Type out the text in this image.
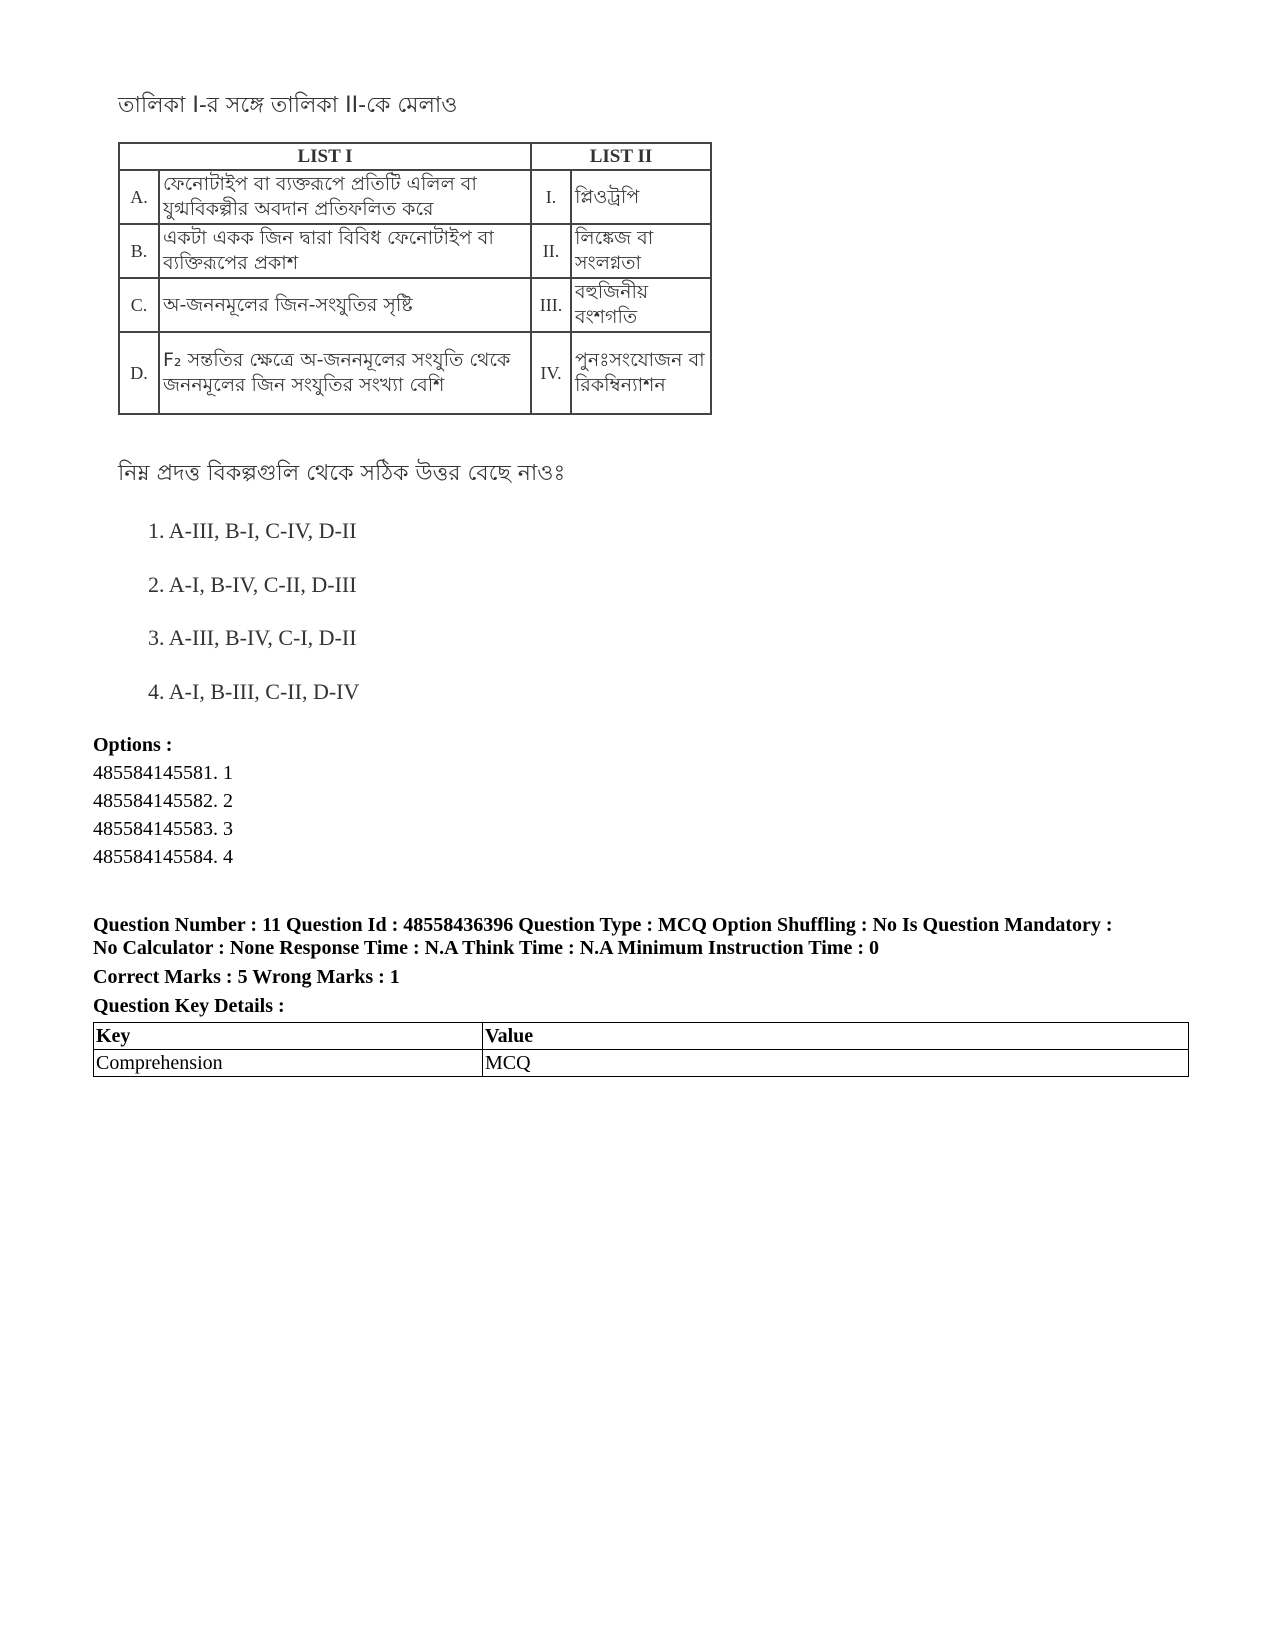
তালিকা I-র সঙ্গে তালিকা II-কে মেলাও
LIST I		LIST II	
A.	ফেনোটাইপ বা ব্যক্তরূপে প্রতিটি এলিল বা যুগ্মবিকল্পীর অবদান প্রতিফলিত করে	I.	প্লিওট্রপি
B.	একটা একক জিন দ্বারা বিবিধ ফেনোটাইপ বা ব্যক্তিরূপের প্রকাশ	II.	লিঙ্কেজ বা সংলগ্নতা
C.	অ-জননমূলের জিন-সংযুতির সৃষ্টি	III.	বহুজিনীয় বংশগতি
D.	F₂ সন্ততির ক্ষেত্রে অ-জননমূলের সংযুতি থেকে জননমূলের জিন সংযুতির সংখ্যা বেশি	IV.	পুনঃসংযোজন বা রিকম্বিন্যাশন
নিম্ন প্রদত্ত বিকল্পগুলি থেকে সঠিক উত্তর বেছে নাওঃ
1. A-III, B-I, C-IV, D-II
2. A-I, B-IV, C-II, D-III
3. A-III, B-IV, C-I, D-II
4. A-I, B-III, C-II, D-IV
Options :
485584145581. 1
485584145582. 2
485584145583. 3
485584145584. 4
Question Number : 11 Question Id : 48558436396 Question Type : MCQ Option Shuffling : No Is Question Mandatory :
No Calculator : None Response Time : N.A Think Time : N.A Minimum Instruction Time : 0
Correct Marks : 5 Wrong Marks : 1
Question Key Details :
Key	Value
Comprehension	MCQ
